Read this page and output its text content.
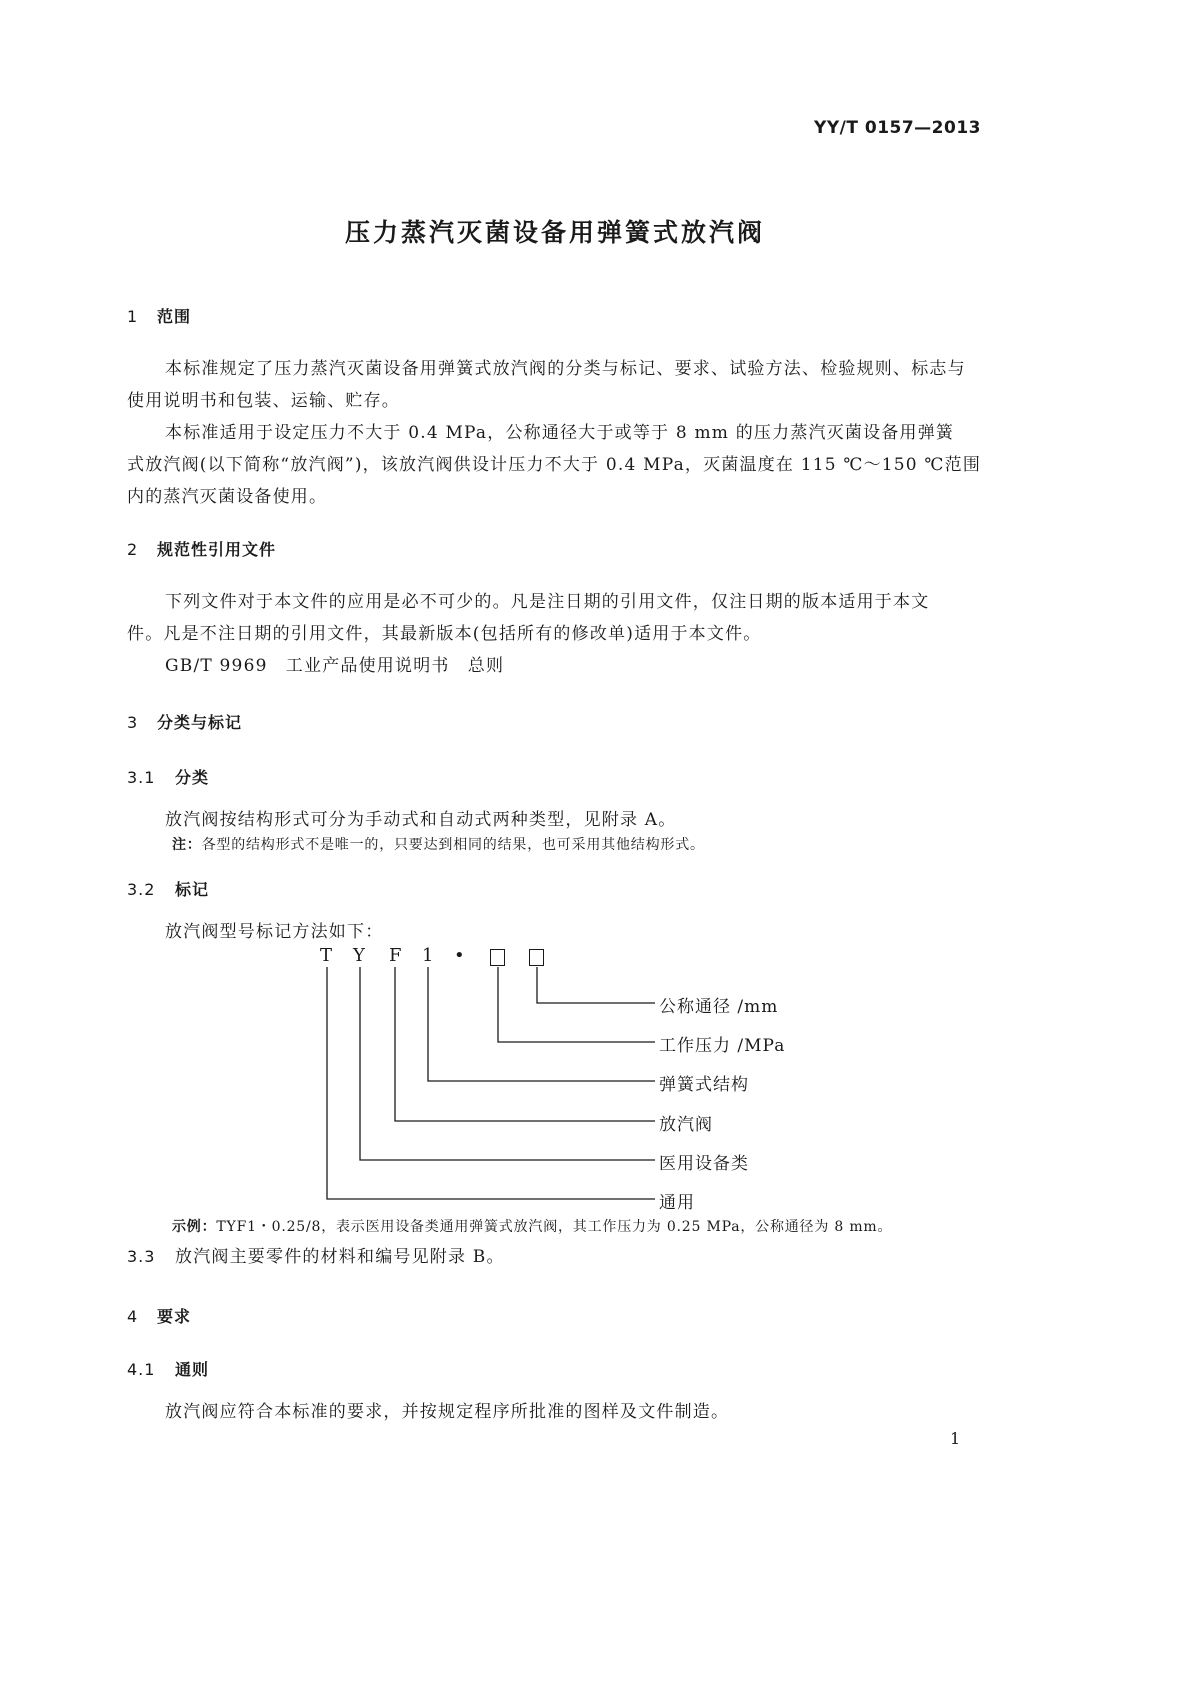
YY/T 0157—2013
压力蒸汽灭菌设备用弹簧式放汽阀
1 范围
本标准规定了压力蒸汽灭菌设备用弹簧式放汽阀的分类与标记、要求、试验方法、检验规则、标志与
使用说明书和包装、运输、贮存。
本标准适用于设定压力不大于 0.4 MPa，公称通径大于或等于 8 mm 的压力蒸汽灭菌设备用弹簧
式放汽阀(以下简称“放汽阀”)，该放汽阀供设计压力不大于 0.4 MPa，灭菌温度在 115 ℃～150 ℃范围
内的蒸汽灭菌设备使用。
2 规范性引用文件
下列文件对于本文件的应用是必不可少的。凡是注日期的引用文件，仅注日期的版本适用于本文
件。凡是不注日期的引用文件，其最新版本(包括所有的修改单)适用于本文件。
GB/T 9969　工业产品使用说明书　总则
3 分类与标记
3.1 分类
放汽阀按结构形式可分为手动式和自动式两种类型，见附录 A。
注：各型的结构形式不是唯一的，只要达到相同的结果，也可采用其他结构形式。
3.2 标记
放汽阀型号标记方法如下：
T Y F 1 •
公称通径 /mm
工作压力 /MPa
弹簧式结构
放汽阀
医用设备类
通用
示例：TYF1・0.25/8，表示医用设备类通用弹簧式放汽阀，其工作压力为 0.25 MPa，公称通径为 8 mm。
3.3 放汽阀主要零件的材料和编号见附录 B。
4 要求
4.1 通则
放汽阀应符合本标准的要求，并按规定程序所批准的图样及文件制造。
1
